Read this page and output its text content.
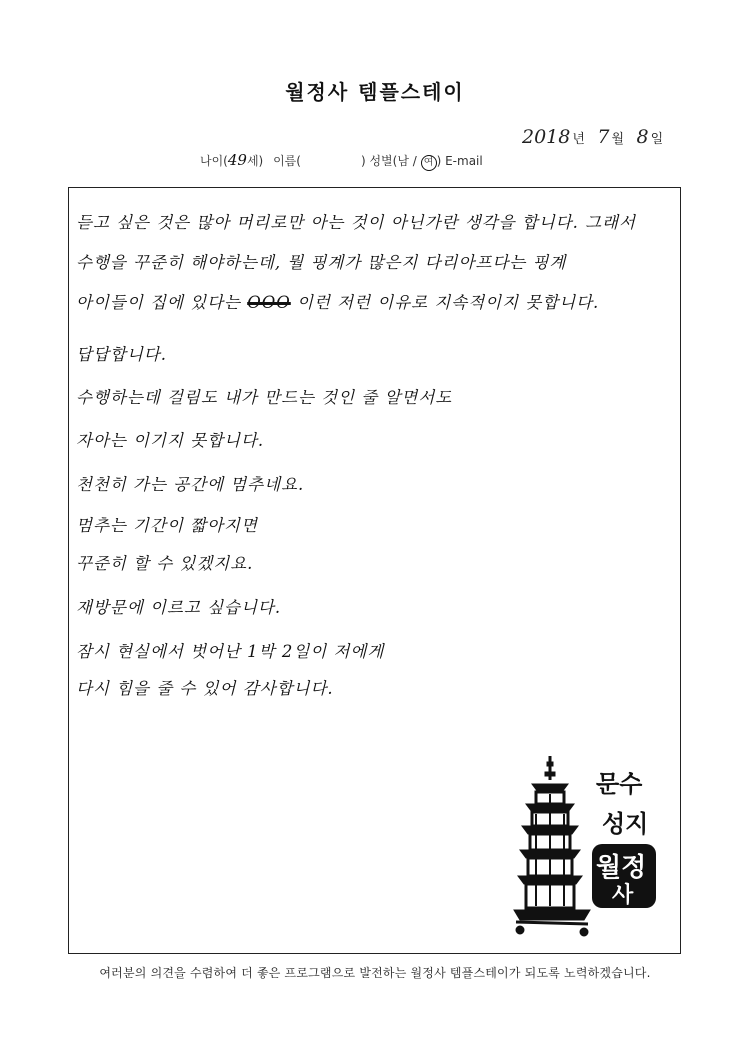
월정사 템플스테이
2018 년 7 월 8 일
나이(49세) 이름(	) 성별(남 / 여 ) E-mail
듣고 싶은 것은 많아 머리로만 아는 것이 아닌가란 생각을 합니다. 그래서
수행을 꾸준히 해야하는데, 뭘 핑계가 많은지 다리아프다는 핑계
아이들이 집에 있다는 OOO 이런 저런 이유로 지속적이지 못합니다.
답답합니다.
수행하는데 걸림도 내가 만드는 것인 줄 알면서도
자아는 이기지 못합니다.
천천히 가는 공간에 멈추네요.
멈추는 기간이 짧아지면
꾸준히 할 수 있겠지요.
재방문에 이르고 싶습니다.
잠시 현실에서 벗어난 1박 2일이 저에게
다시 힘을 줄 수 있어 감사합니다.
문수
성지
월정
사
여러분의 의견을 수렴하여 더 좋은 프로그램으로 발전하는 월정사 템플스테이가 되도록 노력하겠습니다.
